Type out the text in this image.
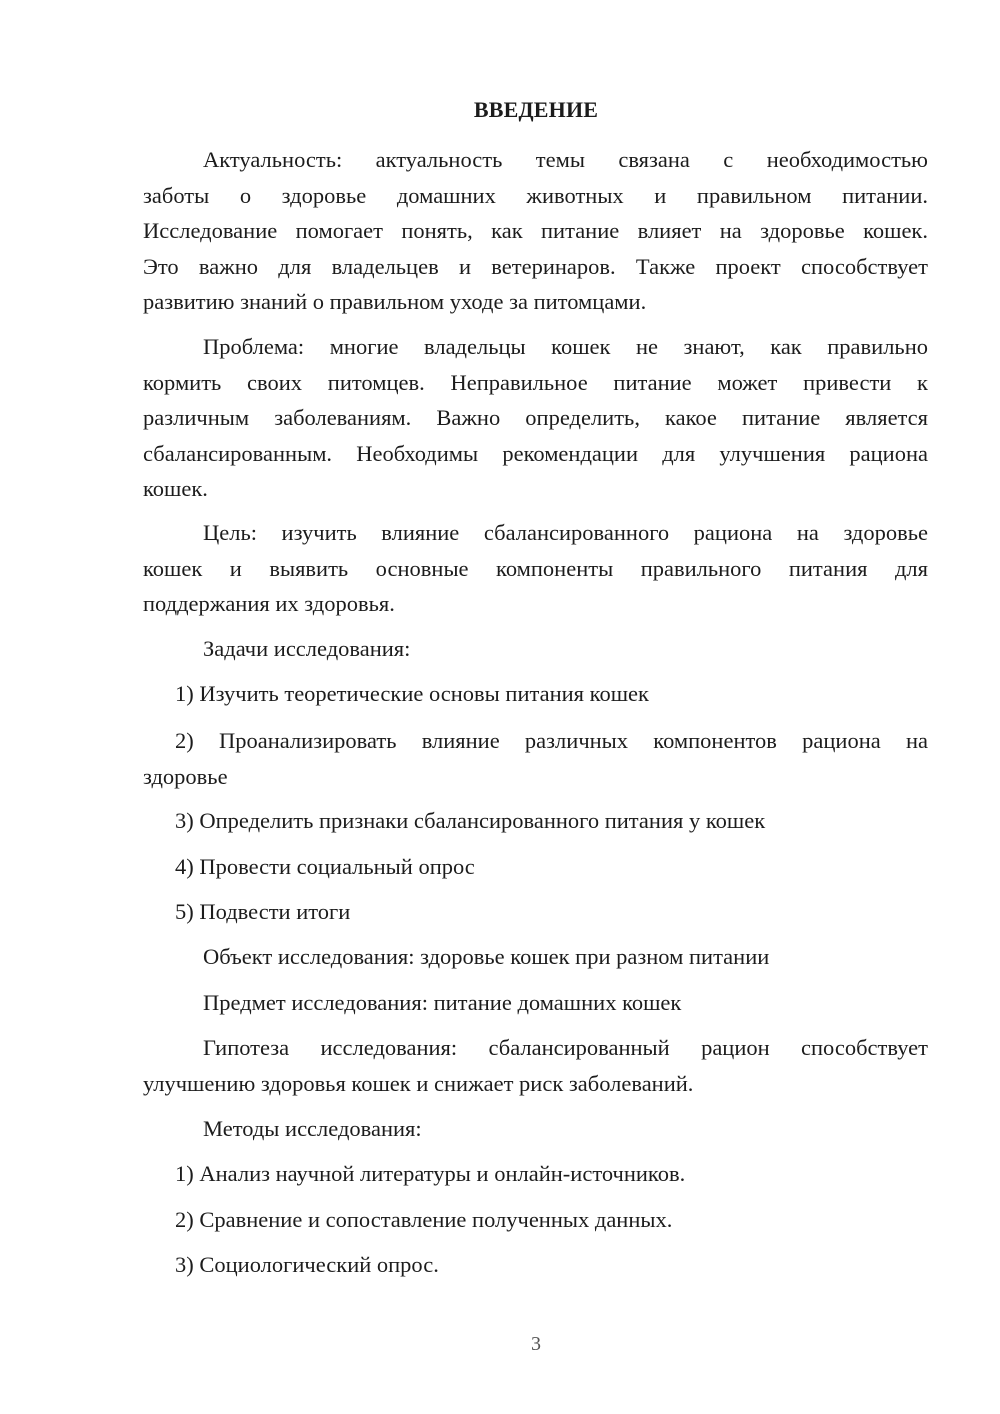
ВВЕДЕНИЕ
Актуальность: актуальность темы связана с необходимостью
заботы о здоровье домашних животных и правильном питании.
Исследование помогает понять, как питание влияет на здоровье кошек.
Это важно для владельцев и ветеринаров. Также проект способствует
развитию знаний о правильном уходе за питомцами.
Проблема: многие владельцы кошек не знают, как правильно
кормить своих питомцев. Неправильное питание может привести к
различным заболеваниям. Важно определить, какое питание является
сбалансированным. Необходимы рекомендации для улучшения рациона
кошек.
Цель: изучить влияние сбалансированного рациона на здоровье
кошек и выявить основные компоненты правильного питания для
поддержания их здоровья.
Задачи исследования:
1) Изучить теоретические основы питания кошек
2) Проанализировать влияние различных компонентов рациона на
здоровье
3) Определить признаки сбалансированного питания у кошек
4) Провести социальный опрос
5) Подвести итоги
Объект исследования: здоровье кошек при разном питании
Предмет исследования: питание домашних кошек
Гипотеза исследования: сбалансированный рацион способствует
улучшению здоровья кошек и снижает риск заболеваний.
Методы исследования:
1) Анализ научной литературы и онлайн-источников.
2) Сравнение и сопоставление полученных данных.
3) Социологический опрос.
3
